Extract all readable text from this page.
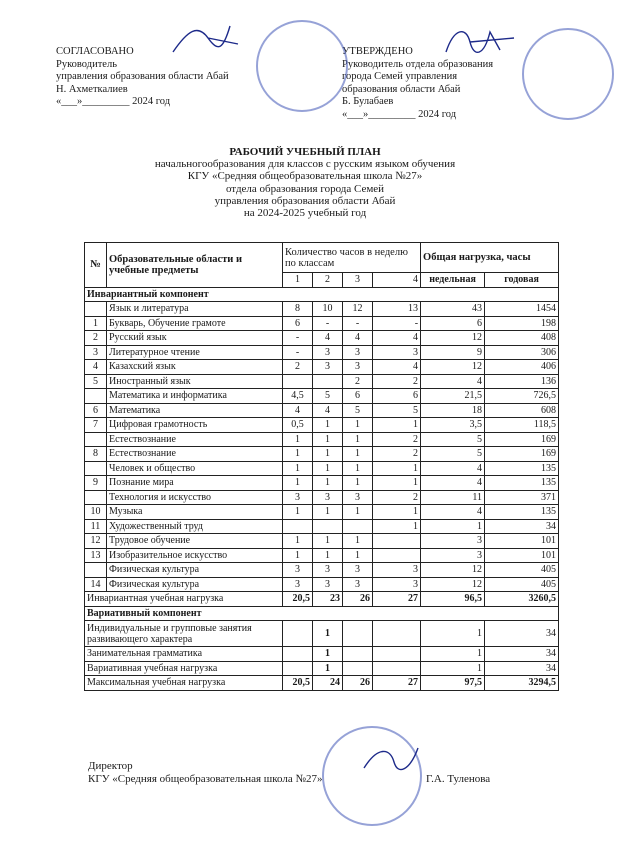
СОГЛАСОВАНО
Руководитель
управления образования области Абай
Н. Ахметкалиев
«___»_________ 2024 год
УТВЕРЖДЕНО
Руководитель отдела образования
города Семей управления
образования области Абай
Б. Булабаев
«___»_________ 2024 год
РАБОЧИЙ УЧЕБНЫЙ ПЛАН
начальногообразования для классов с русским языком обучения
КГУ «Средняя общеобразовательная школа №27»
отдела образования города Семей
управления образования области Абай
на 2024-2025 учебный год
№	Образовательные области и учебные предметы	Количество часов в неделю по классам				Общая нагрузка, часы	
		1	2	3	4	недельная	годовая
Инвариантный компонент							
	Язык и литература	8	10	12	13	43	1454
1	Букварь, Обучение грамоте	6	-	-	-	6	198
2	Русский язык	-	4	4	4	12	408
3	Литературное чтение	-	3	3	3	9	306
4	Казахский язык	2	3	3	4	12	406
5	Иностранный язык			2	2	4	136
	Математика и информатика	4,5	5	6	6	21,5	726,5
6	Математика	4	4	5	5	18	608
7	Цифровая грамотность	0,5	1	1	1	3,5	118,5
	Естествознание	1	1	1	2	5	169
8	Естествознание	1	1	1	2	5	169
	Человек и общество	1	1	1	1	4	135
9	Познание мира	1	1	1	1	4	135
	Технология и искусство	3	3	3	2	11	371
10	Музыка	1	1	1	1	4	135
11	Художественный труд				1	1	34
12	Трудовое обучение	1	1	1		3	101
13	Изобразительное искусство	1	1	1		3	101
	Физическая культура	3	3	3	3	12	405
14	Физическая культура	3	3	3	3	12	405
Инвариантная учебная нагрузка		20,5	23	26	27	96,5	3260,5
Вариативный компонент							
Индивидуальные и групповые занятия развивающего характера			1			1	34
Занимательная грамматика			1			1	34
Вариативная учебная нагрузка			1			1	34
Максимальная учебная нагрузка		20,5	24	26	27	97,5	3294,5
Директор
КГУ «Средняя общеобразовательная школа №27»	Г.А. Туленова
